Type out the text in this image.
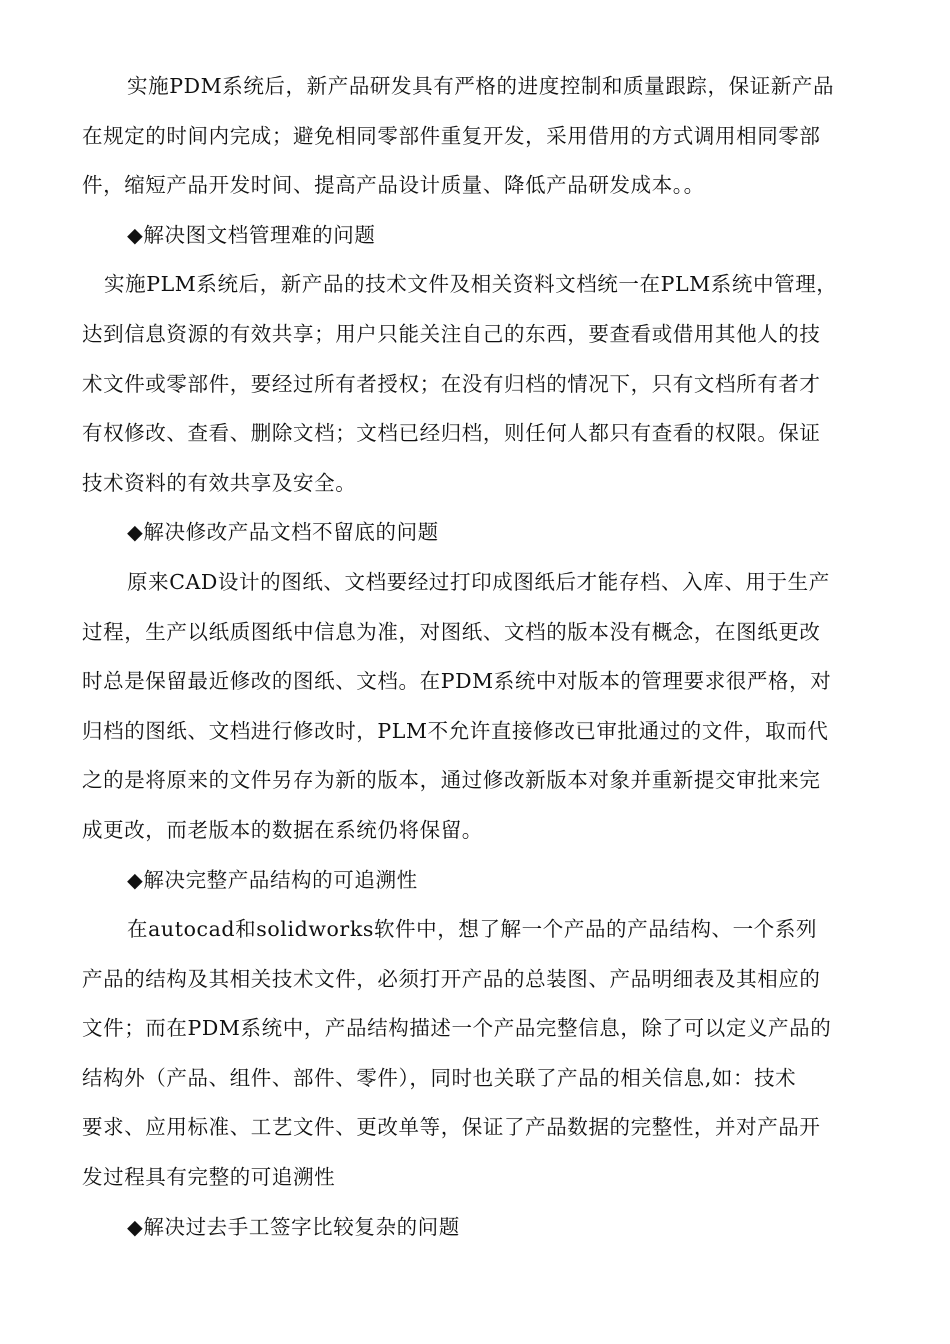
实施PDM系统后，新产品研发具有严格的进度控制和质量跟踪，保证新产品
在规定的时间内完成；避免相同零部件重复开发，采用借用的方式调用相同零部
件，缩短产品开发时间、提高产品设计质量、降低产品研发成本。。
◆解决图文档管理难的问题
实施PLM系统后，新产品的技术文件及相关资料文档统一在PLM系统中管理，
达到信息资源的有效共享；用户只能关注自己的东西，要查看或借用其他人的技
术文件或零部件，要经过所有者授权；在没有归档的情况下，只有文档所有者才
有权修改、查看、删除文档；文档已经归档，则任何人都只有查看的权限。保证
技术资料的有效共享及安全。
◆解决修改产品文档不留底的问题
原来CAD设计的图纸、文档要经过打印成图纸后才能存档、入库、用于生产
过程，生产以纸质图纸中信息为准，对图纸、文档的版本没有概念，在图纸更改
时总是保留最近修改的图纸、文档。在PDM系统中对版本的管理要求很严格，对
归档的图纸、文档进行修改时，PLM不允许直接修改已审批通过的文件，取而代
之的是将原来的文件另存为新的版本，通过修改新版本对象并重新提交审批来完
成更改，而老版本的数据在系统仍将保留。
◆解决完整产品结构的可追溯性
在autocad和solidworks软件中，想了解一个产品的产品结构、一个系列
产品的结构及其相关技术文件，必须打开产品的总装图、产品明细表及其相应的
文件；而在PDM系统中，产品结构描述一个产品完整信息，除了可以定义产品的
结构外（产品、组件、部件、零件），同时也关联了产品的相关信息,如：技术
要求、应用标准、工艺文件、更改单等，保证了产品数据的完整性，并对产品开
发过程具有完整的可追溯性
◆解决过去手工签字比较复杂的问题
